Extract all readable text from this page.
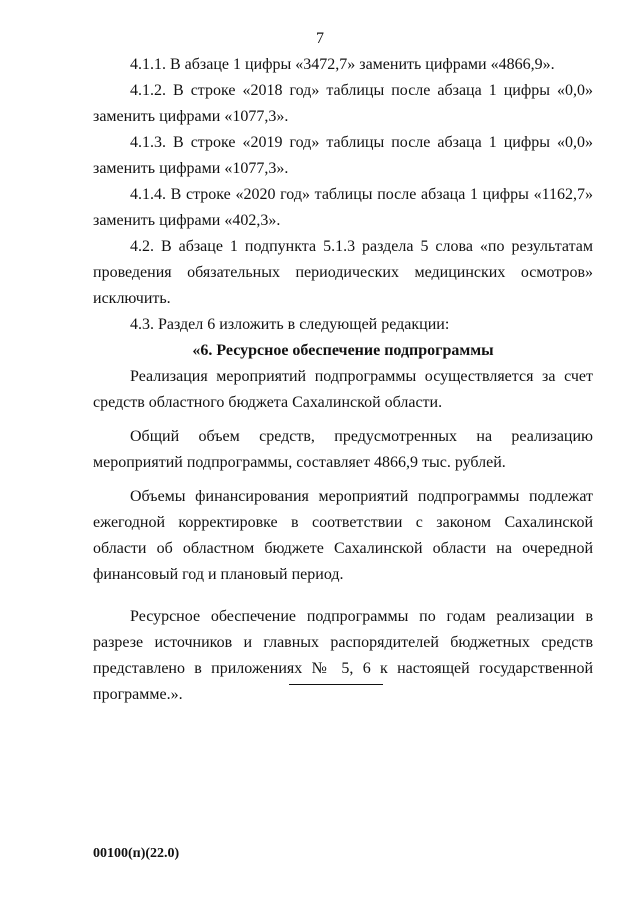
7

4.1.1. В абзаце 1 цифры «3472,7» заменить цифрами «4866,9».

4.1.2. В строке «2018 год» таблицы после абзаца 1 цифры «0,0» заменить цифрами «1077,3».

4.1.3. В строке «2019 год» таблицы после абзаца 1 цифры «0,0» заменить цифрами «1077,3».

4.1.4. В строке «2020 год» таблицы после абзаца 1 цифры «1162,7» заменить цифрами «402,3».

4.2. В абзаце 1 подпункта 5.1.3 раздела 5 слова «по результатам проведения обязательных периодических медицинских осмотров» исключить.

4.3. Раздел 6 изложить в следующей редакции:

«6. Ресурсное обеспечение подпрограммы

Реализация мероприятий подпрограммы осуществляется за счет средств областного бюджета Сахалинской области.

Общий объем средств, предусмотренных на реализацию мероприятий подпрограммы, составляет 4866,9 тыс. рублей.

Объемы финансирования мероприятий подпрограммы подлежат ежегодной корректировке в соответствии с законом Сахалинской области об областном бюджете Сахалинской области на очередной финансовый год и плановый период.

Ресурсное обеспечение подпрограммы по годам реализации в разрезе источников и главных распорядителей бюджетных средств представлено в приложениях № 5, 6 к настоящей государственной программе.».

00100(п)(22.0)
